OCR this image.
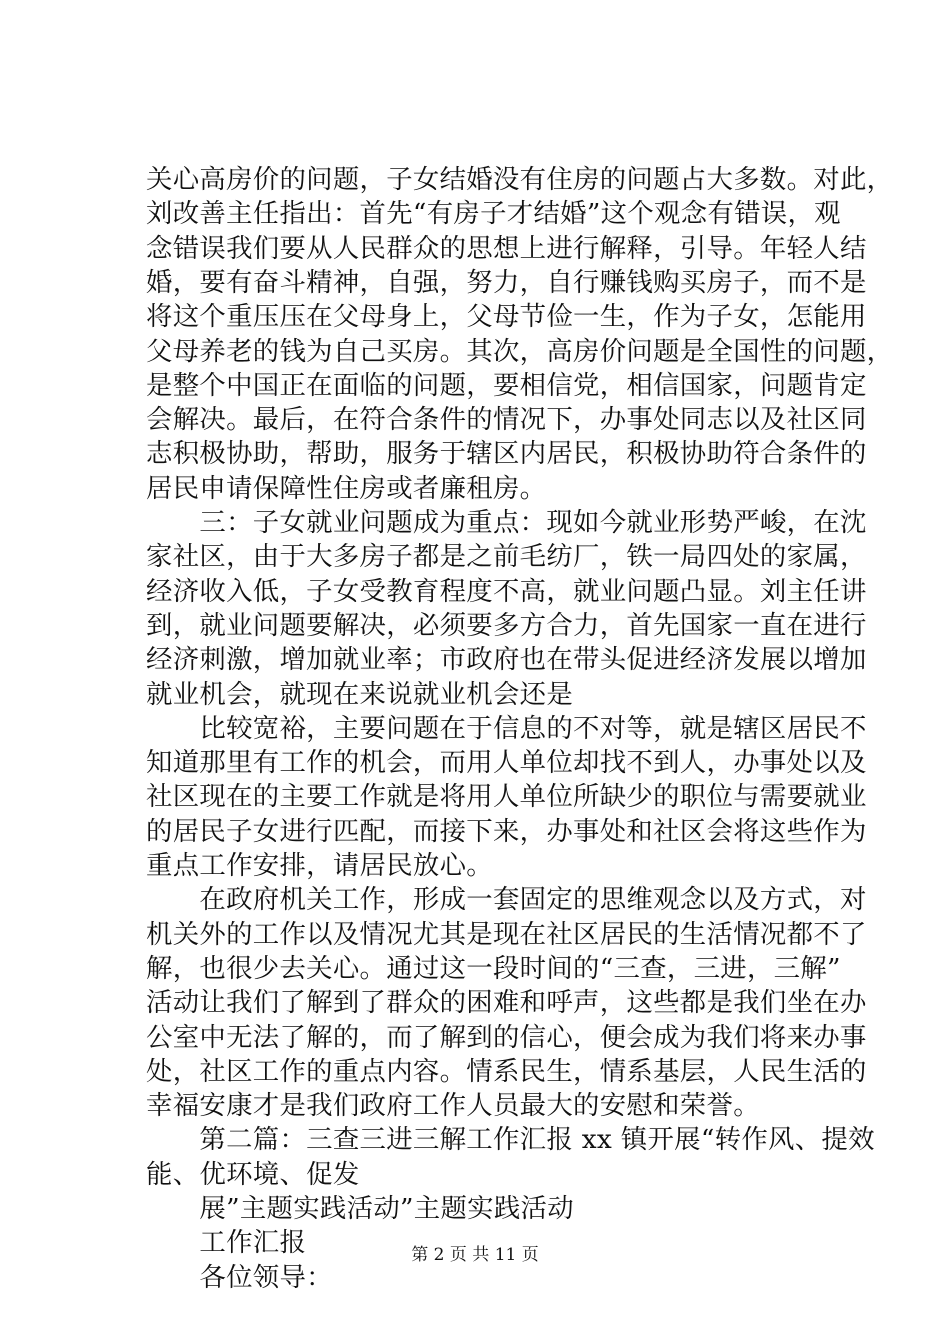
关心高房价的问题，子女结婚没有住房的问题占大多数。对此，
刘改善主任指出：首先“有房子才结婚”这个观念有错误，观
念错误我们要从人民群众的思想上进行解释，引导。年轻人结
婚，要有奋斗精神，自强，努力，自行赚钱购买房子，而不是
将这个重压压在父母身上，父母节俭一生，作为子女，怎能用
父母养老的钱为自己买房。其次，高房价问题是全国性的问题，
是整个中国正在面临的问题，要相信党，相信国家，问题肯定
会解决。最后，在符合条件的情况下，办事处同志以及社区同
志积极协助，帮助，服务于辖区内居民，积极协助符合条件的
居民申请保障性住房或者廉租房。
　　三：子女就业问题成为重点：现如今就业形势严峻，在沈
家社区，由于大多房子都是之前毛纺厂，铁一局四处的家属，
经济收入低，子女受教育程度不高，就业问题凸显。刘主任讲
到，就业问题要解决，必须要多方合力，首先国家一直在进行
经济刺激，增加就业率；市政府也在带头促进经济发展以增加
就业机会，就现在来说就业机会还是
　　比较宽裕，主要问题在于信息的不对等，就是辖区居民不
知道那里有工作的机会，而用人单位却找不到人，办事处以及
社区现在的主要工作就是将用人单位所缺少的职位与需要就业
的居民子女进行匹配，而接下来，办事处和社区会将这些作为
重点工作安排，请居民放心。
　　在政府机关工作，形成一套固定的思维观念以及方式，对
机关外的工作以及情况尤其是现在社区居民的生活情况都不了
解，也很少去关心。通过这一段时间的“三查，三进，三解”
活动让我们了解到了群众的困难和呼声，这些都是我们坐在办
公室中无法了解的，而了解到的信心，便会成为我们将来办事
处，社区工作的重点内容。情系民生，情系基层，人民生活的
幸福安康才是我们政府工作人员最大的安慰和荣誉。
　　第二篇：三查三进三解工作汇报 xx 镇开展“转作风、提效
能、优环境、促发
　　展”主题实践活动”主题实践活动
　　工作汇报
　　各位领导：
第 2 页 共 11 页
